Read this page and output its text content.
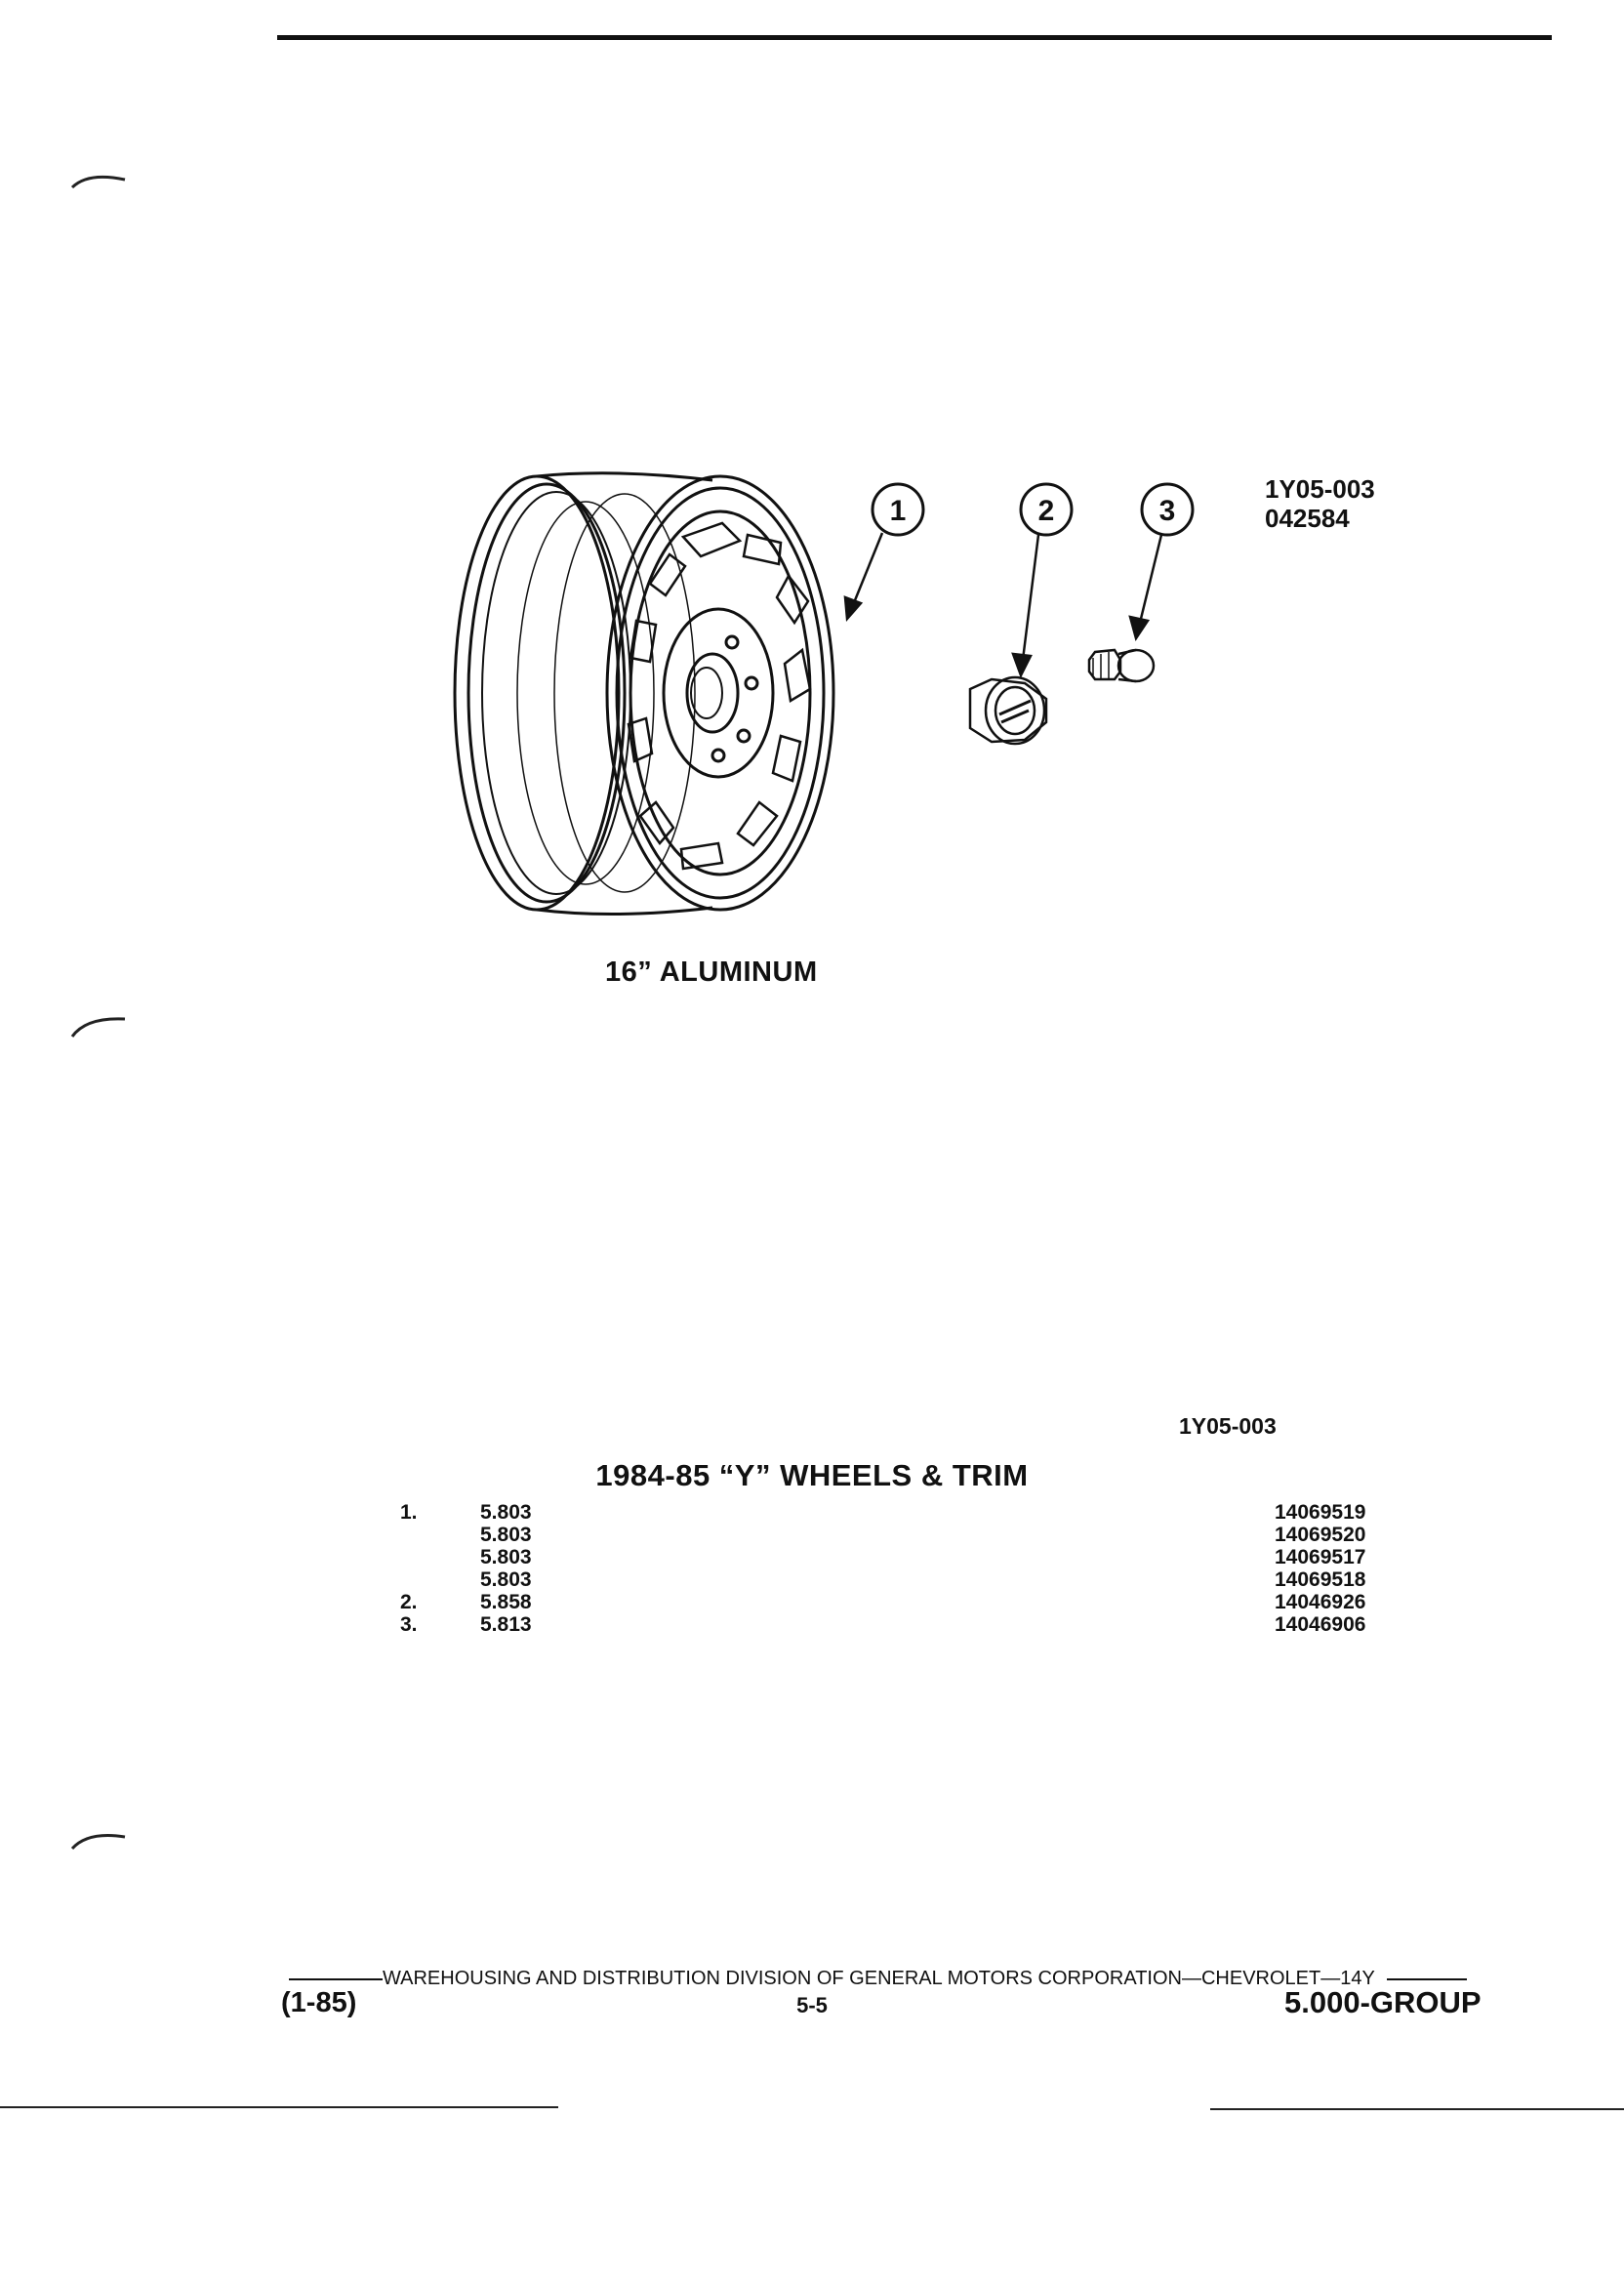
1Y05-003
042584
1	2	3
16” ALUMINUM
1Y05-003
1984-85 “Y” WHEELS & TRIM
1.	5.803	14069519
5.803	14069520
5.803	14069517
5.803	14069518
2.	5.858	14046926
3.	5.813	14046906
WAREHOUSING AND DISTRIBUTION DIVISION OF GENERAL MOTORS CORPORATION—CHEVROLET—14Y
(1-85)	5-5	5.000-GROUP
